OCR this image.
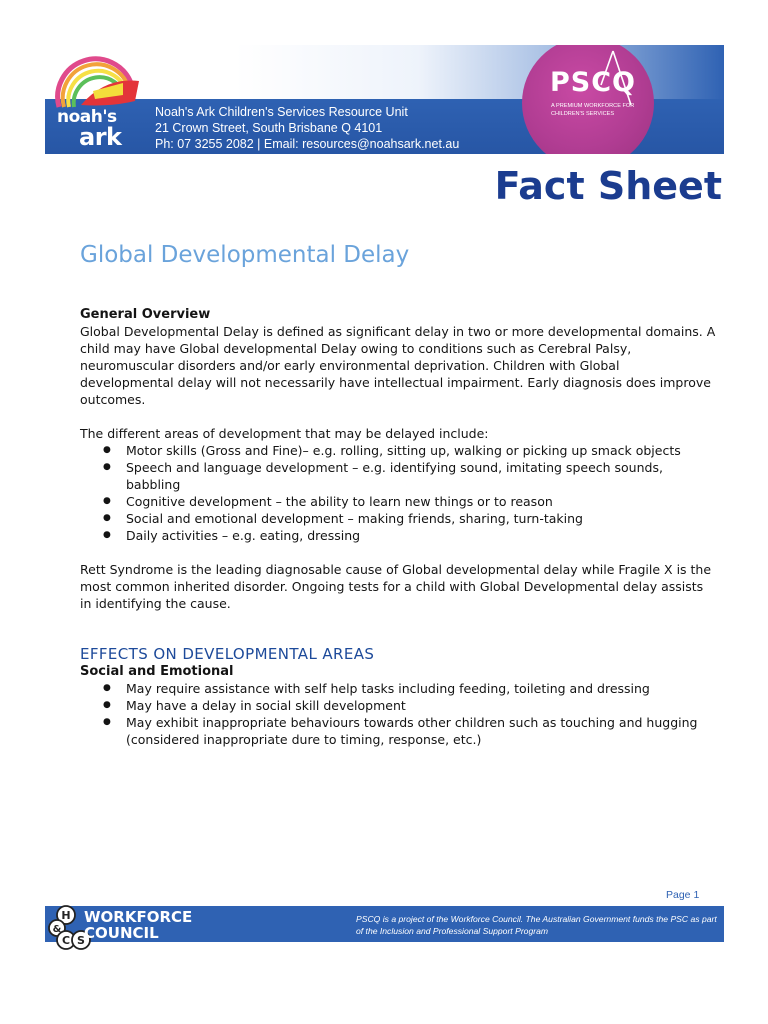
noah's
ark
Noah's Ark Children's Services Resource Unit
21 Crown Street, South Brisbane Q 4101
Ph: 07 3255 2082 | Email: resources@noahsark.net.au
PSCQ
A PREMIUM WORKFORCE FOR CHILDREN'S SERVICES
Fact Sheet
Global Developmental Delay

General Overview

Global Developmental Delay is defined as significant delay in two or more developmental domains. A child may have Global developmental Delay owing to conditions such as Cerebral Palsy, neuromuscular disorders and/or early environmental deprivation. Children with Global developmental delay will not necessarily have intellectual impairment. Early diagnosis does improve outcomes.

The different areas of development that may be delayed include:

● Motor skills (Gross and Fine)– e.g. rolling, sitting up, walking or picking up smack objects
● Speech and language development – e.g. identifying sound, imitating speech sounds, babbling
● Cognitive development – the ability to learn new things or to reason
● Social and emotional development – making friends, sharing, turn-taking
● Daily activities – e.g. eating, dressing

Rett Syndrome is the leading diagnosable cause of Global developmental delay while Fragile X is the most common inherited disorder. Ongoing tests for a child with Global Developmental delay assists in identifying the cause.

EFFECTS ON DEVELOPMENTAL AREAS

Social and Emotional

● May require assistance with self help tasks including feeding, toileting and dressing
● May have a delay in social skill development
● May exhibit inappropriate behaviours towards other children such as touching and hugging (considered inappropriate dure to timing, response, etc.)
Page 1
H
&
C S
WORKFORCE
COUNCIL
PSCQ is a project of the Workforce Council. The Australian Government funds the PSC as part of the Inclusion and Professional Support Program
